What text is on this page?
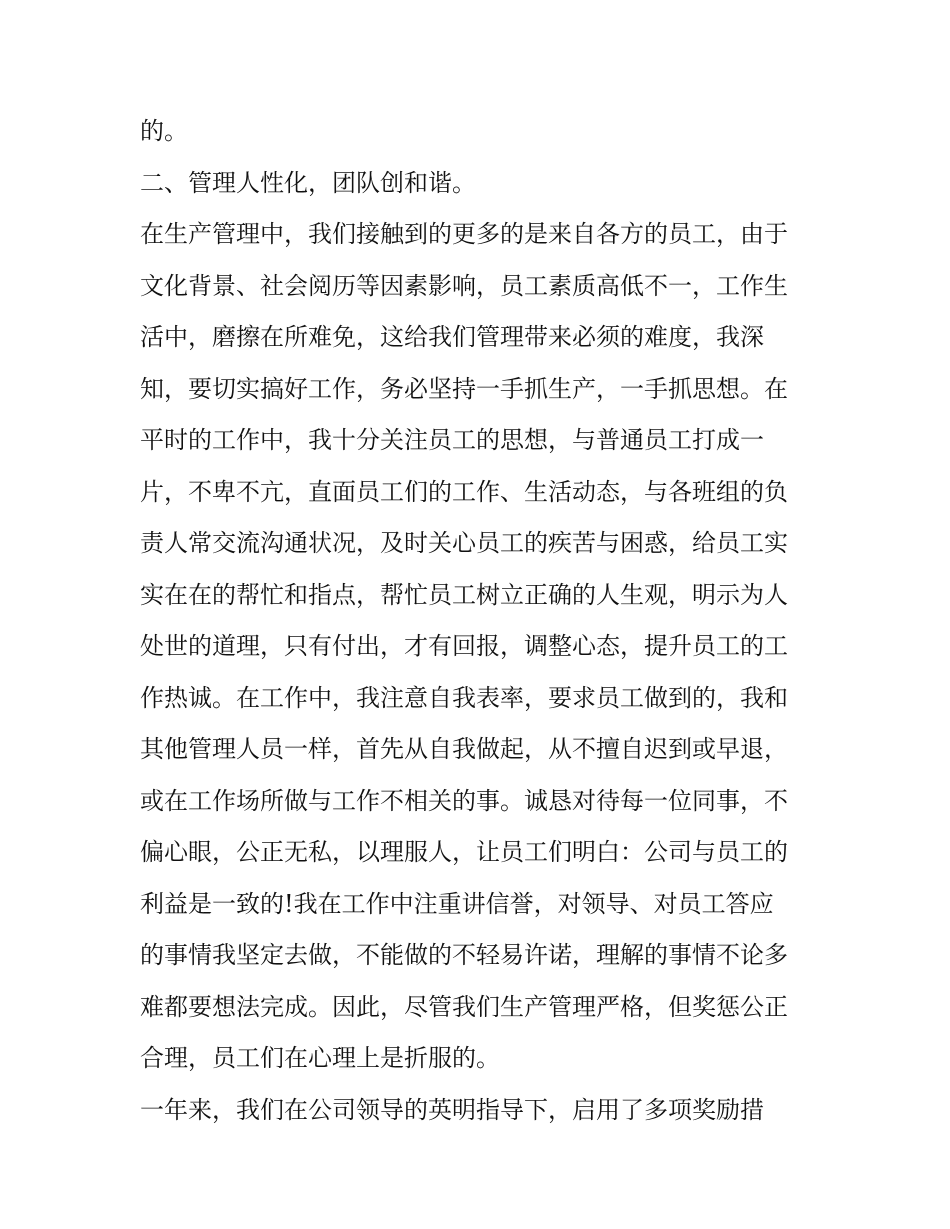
的。
二、管理人性化，团队创和谐。
在生产管理中，我们接触到的更多的是来自各方的员工，由于
文化背景、社会阅历等因素影响，员工素质高低不一，工作生
活中，磨擦在所难免，这给我们管理带来必须的难度，我深
知，要切实搞好工作，务必坚持一手抓生产，一手抓思想。在
平时的工作中，我十分关注员工的思想，与普通员工打成一
片，不卑不亢，直面员工们的工作、生活动态，与各班组的负
责人常交流沟通状况，及时关心员工的疾苦与困惑，给员工实
实在在的帮忙和指点，帮忙员工树立正确的人生观，明示为人
处世的道理，只有付出，才有回报，调整心态，提升员工的工
作热诚。在工作中，我注意自我表率，要求员工做到的，我和
其他管理人员一样，首先从自我做起，从不擅自迟到或早退，
或在工作场所做与工作不相关的事。诚恳对待每一位同事，不
偏心眼，公正无私，以理服人，让员工们明白：公司与员工的
利益是一致的!我在工作中注重讲信誉，对领导、对员工答应
的事情我坚定去做，不能做的不轻易许诺，理解的事情不论多
难都要想法完成。因此，尽管我们生产管理严格，但奖惩公正
合理，员工们在心理上是折服的。
一年来，我们在公司领导的英明指导下，启用了多项奖励措
